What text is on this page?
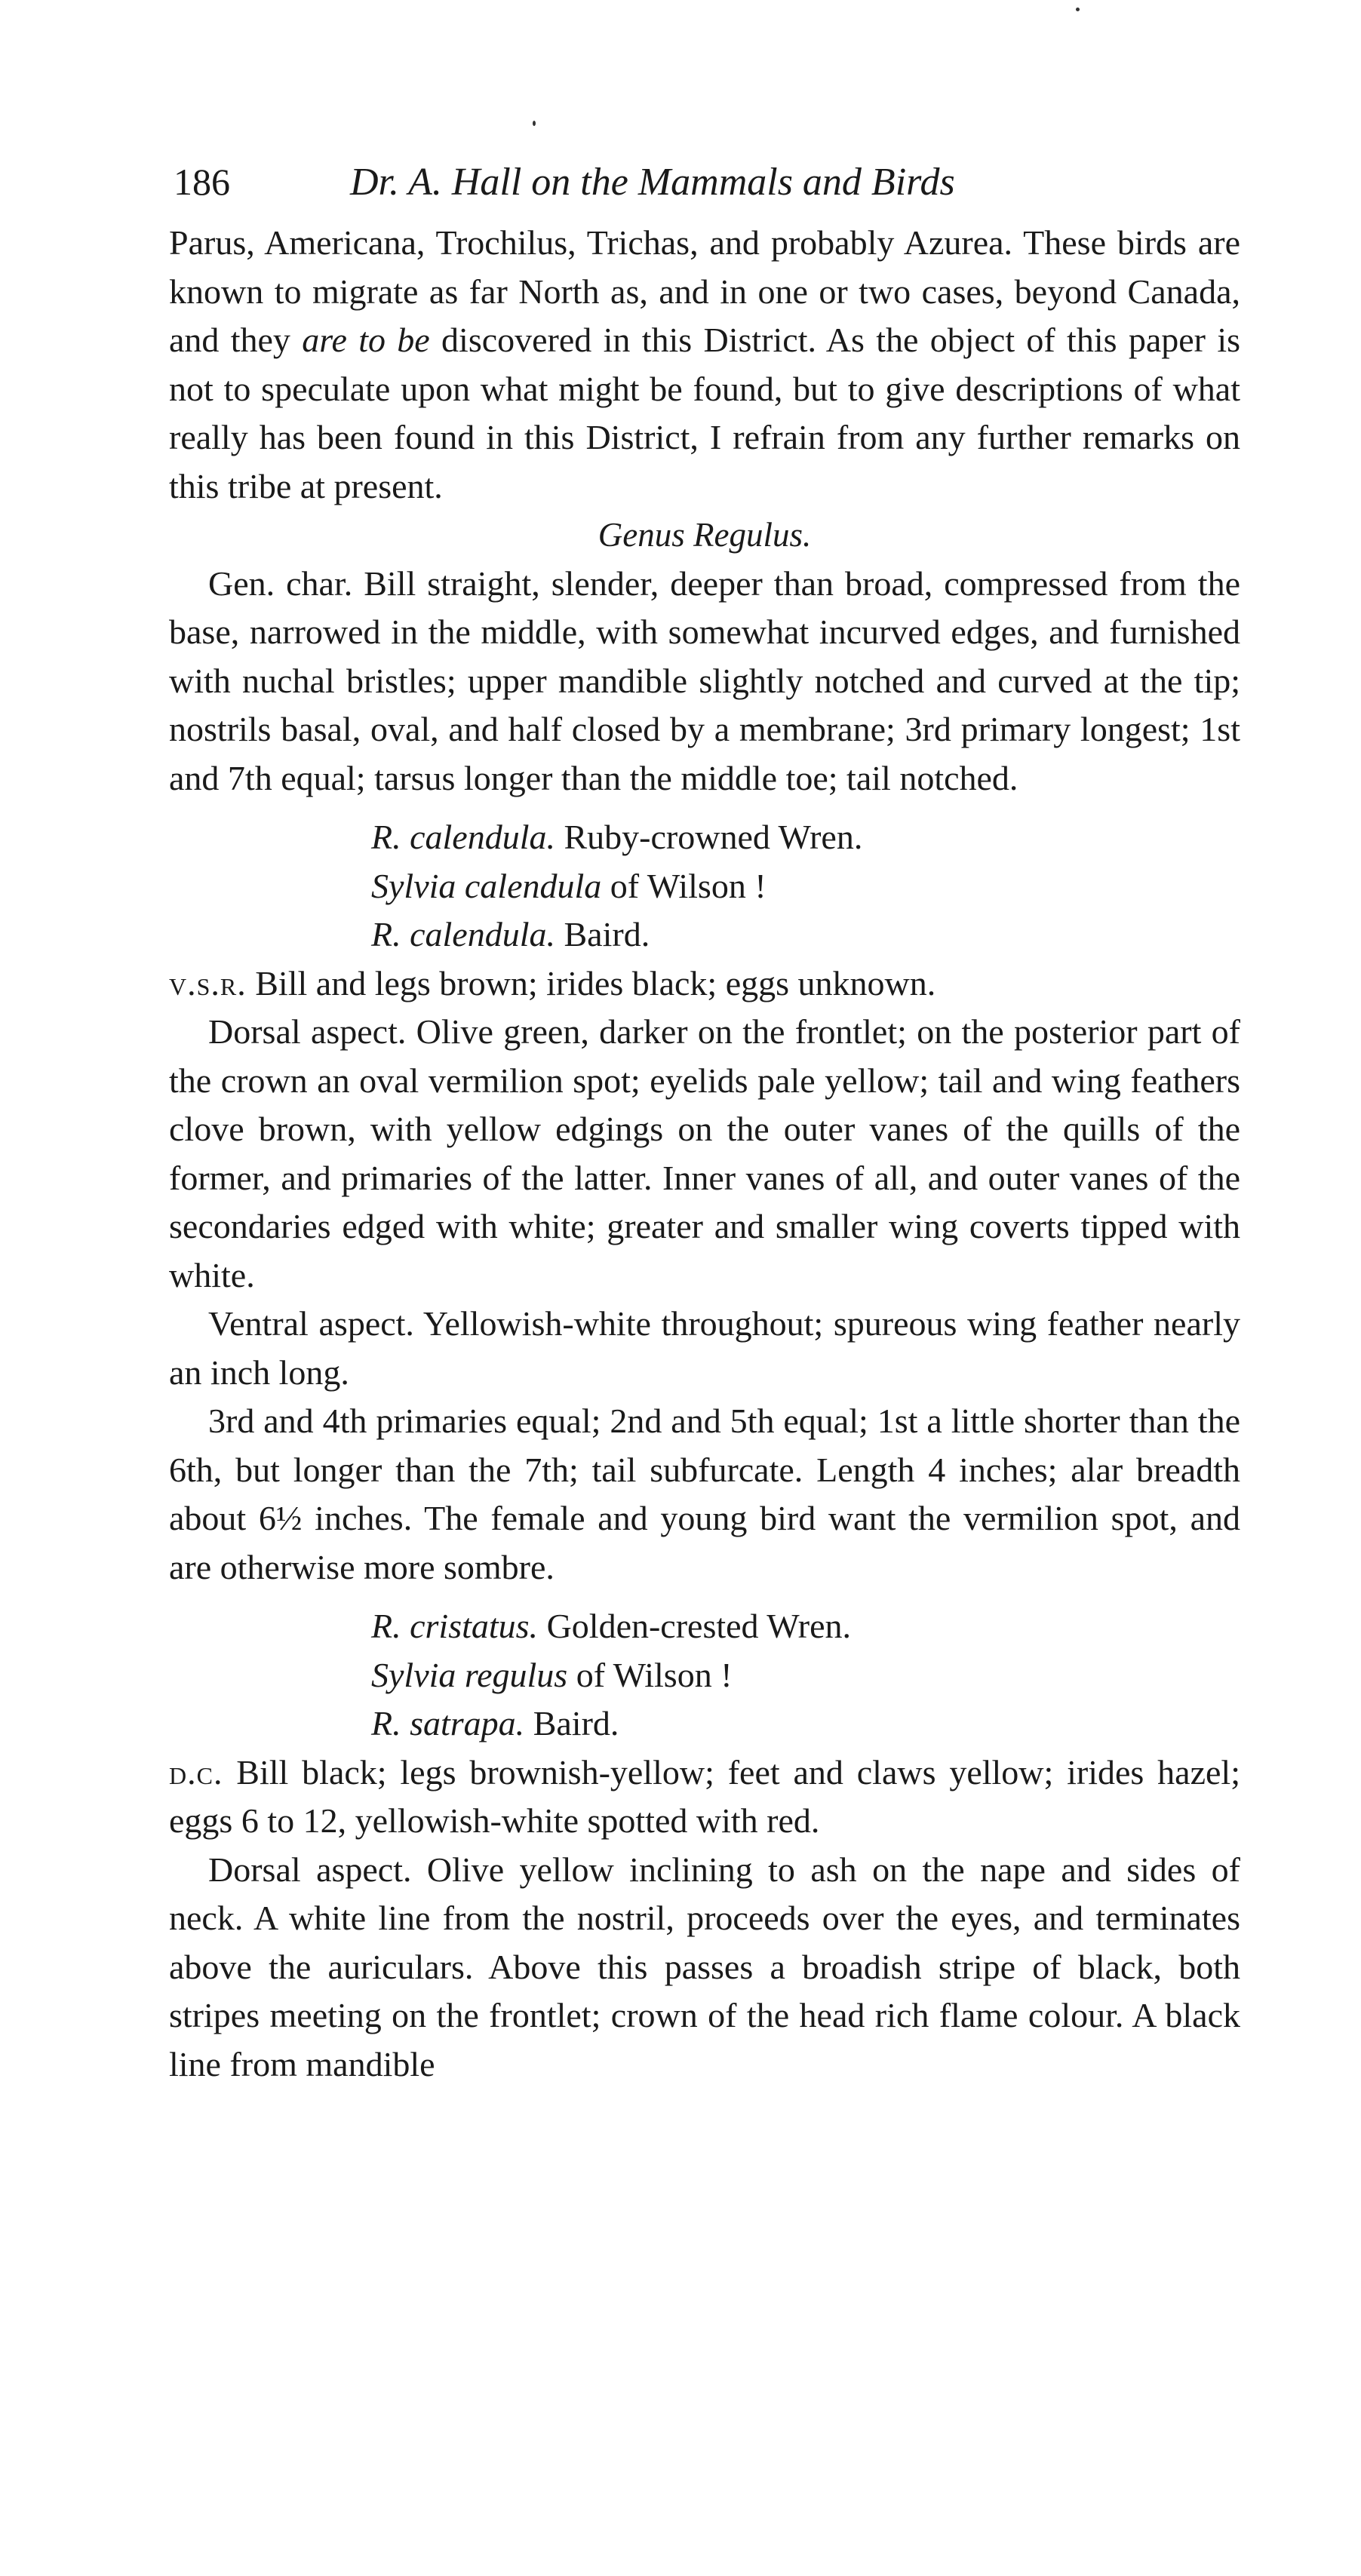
186	Dr. A. Hall on the Mammals and Birds

Parus, Americana, Trochilus, Trichas, and probably Azurea. These birds are known to migrate as far North as, and in one or two cases, beyond Canada, and they are to be discovered in this District. As the object of this paper is not to speculate upon what might be found, but to give descriptions of what really has been found in this District, I refrain from any further remarks on this tribe at present.

Genus Regulus.

Gen. char. Bill straight, slender, deeper than broad, compressed from the base, narrowed in the middle, with somewhat incurved edges, and furnished with nuchal bristles; upper mandible slightly notched and curved at the tip; nostrils basal, oval, and half closed by a membrane; 3rd primary longest; 1st and 7th equal; tarsus longer than the middle toe; tail notched.

R. calendula. Ruby-crowned Wren.
Sylvia calendula of Wilson !
R. calendula. Baird.

v.s.r. Bill and legs brown; irides black; eggs unknown.

Dorsal aspect. Olive green, darker on the frontlet; on the posterior part of the crown an oval vermilion spot; eyelids pale yellow; tail and wing feathers clove brown, with yellow edgings on the outer vanes of the quills of the former, and primaries of the latter. Inner vanes of all, and outer vanes of the secondaries edged with white; greater and smaller wing coverts tipped with white.

Ventral aspect. Yellowish-white throughout; spureous wing feather nearly an inch long.

3rd and 4th primaries equal; 2nd and 5th equal; 1st a little shorter than the 6th, but longer than the 7th; tail subfurcate. Length 4 inches; alar breadth about 6½ inches. The female and young bird want the vermilion spot, and are otherwise more sombre.

R. cristatus. Golden-crested Wren.
Sylvia regulus of Wilson !
R. satrapa. Baird.

d.c. Bill black; legs brownish-yellow; feet and claws yellow; irides hazel; eggs 6 to 12, yellowish-white spotted with red.

Dorsal aspect. Olive yellow inclining to ash on the nape and sides of neck. A white line from the nostril, proceeds over the eyes, and terminates above the auriculars. Above this passes a broadish stripe of black, both stripes meeting on the frontlet; crown of the head rich flame colour. A black line from mandible
